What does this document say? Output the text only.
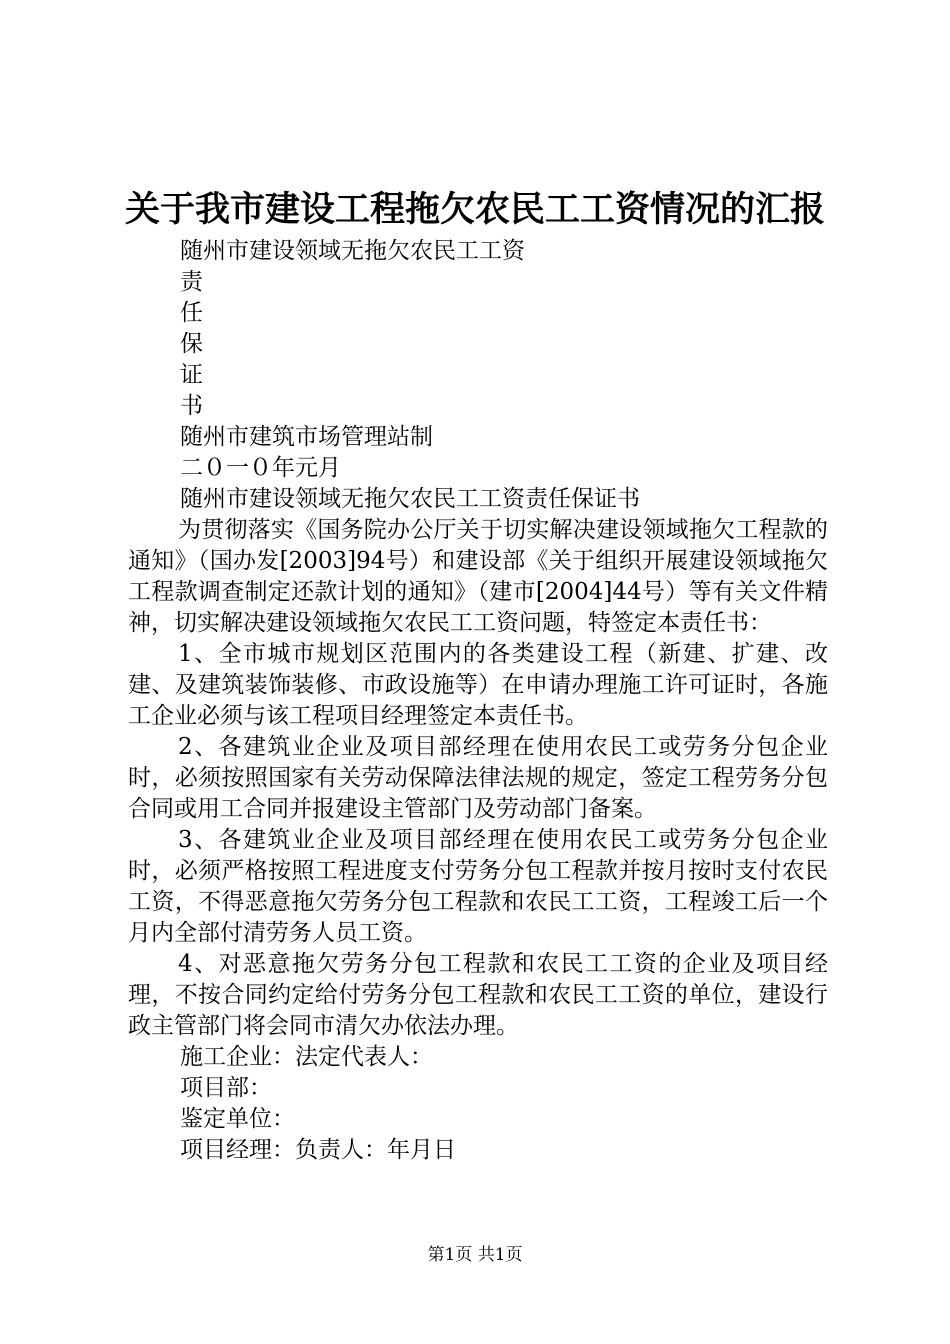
关于我市建设工程拖欠农民工工资情况的汇报

随州市建设领域无拖欠农民工工资

责

任

保

证

书

随州市建筑市场管理站制

二０一０年元月

随州市建设领域无拖欠农民工工资责任保证书

为贯彻落实《国务院办公厅关于切实解决建设领域拖欠工程款的通知》（国办发[2003]94号）和建设部《关于组织开展建设领域拖欠工程款调查制定还款计划的通知》（建市[2004]44号）等有关文件精神，切实解决建设领域拖欠农民工工资问题，特签定本责任书：

1、全市城市规划区范围内的各类建设工程（新建、扩建、改建、及建筑装饰装修、市政设施等）在申请办理施工许可证时，各施工企业必须与该工程项目经理签定本责任书。

2、各建筑业企业及项目部经理在使用农民工或劳务分包企业时，必须按照国家有关劳动保障法律法规的规定，签定工程劳务分包合同或用工合同并报建设主管部门及劳动部门备案。

3、各建筑业企业及项目部经理在使用农民工或劳务分包企业时，必须严格按照工程进度支付劳务分包工程款并按月按时支付农民工资，不得恶意拖欠劳务分包工程款和农民工工资，工程竣工后一个月内全部付清劳务人员工资。

4、对恶意拖欠劳务分包工程款和农民工工资的企业及项目经理，不按合同约定给付劳务分包工程款和农民工工资的单位，建设行政主管部门将会同市清欠办依法办理。

施工企业：法定代表人：

项目部：

鉴定单位：

项目经理：负责人：年月日

第1页 共1页
